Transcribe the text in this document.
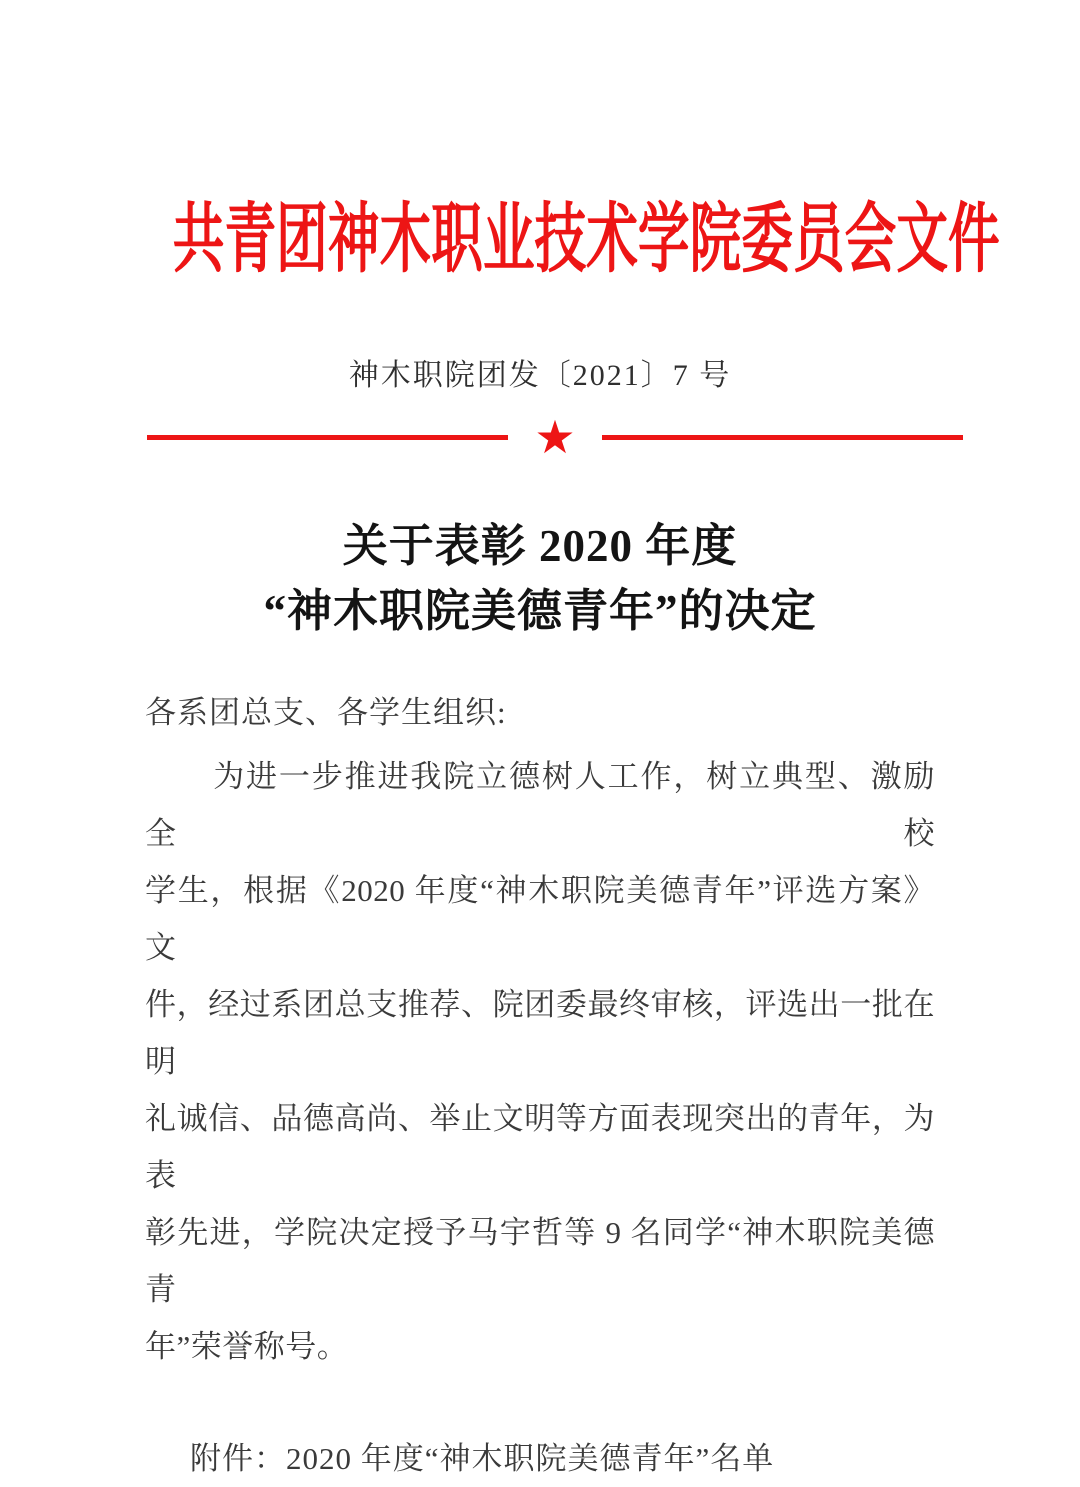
共青团神木职业技术学院委员会文件
神木职院团发〔2021〕7 号
★
关于表彰 2020 年度
“神木职院美德青年”的决定
各系团总支、各学生组织:
为进一步推进我院立德树人工作，树立典型、激励全校
学生，根据《2020 年度“神木职院美德青年”评选方案》文
件，经过系团总支推荐、院团委最终审核，评选出一批在明
礼诚信、品德高尚、举止文明等方面表现突出的青年，为表
彰先进，学院决定授予马宇哲等 9 名同学“神木职院美德青
年”荣誉称号。
附件：2020 年度“神木职院美德青年”名单
